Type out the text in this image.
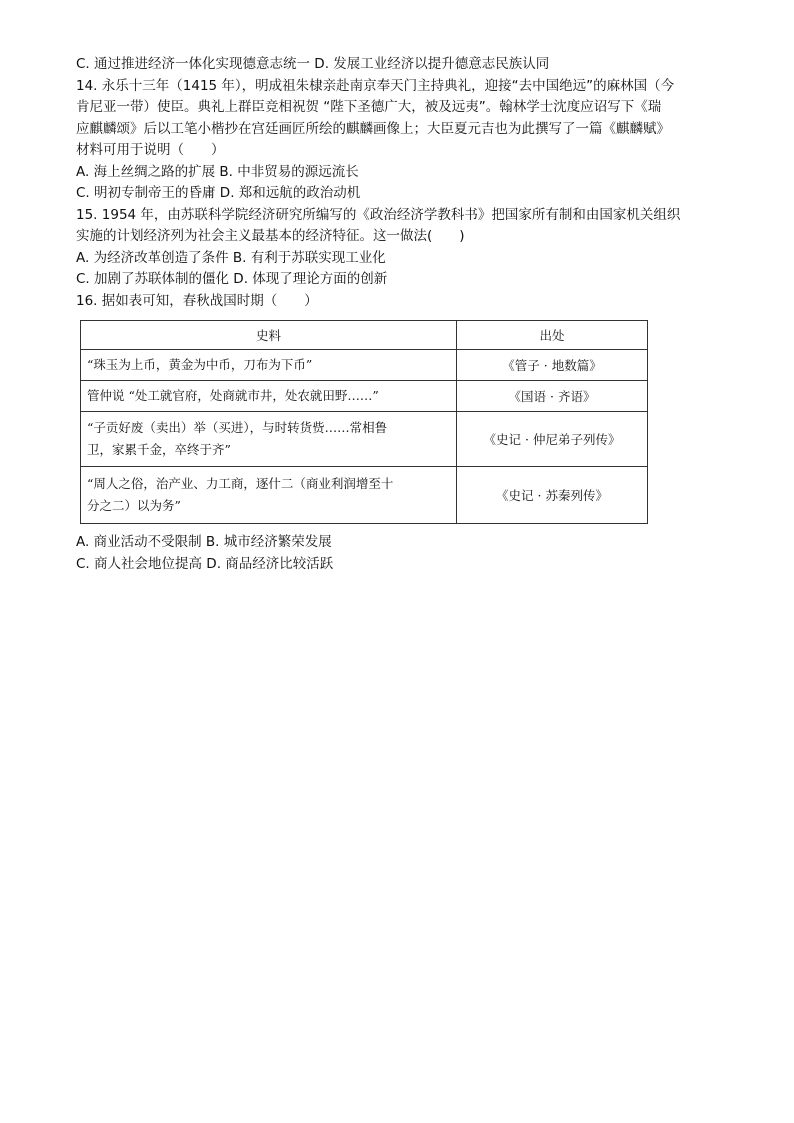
C. 通过推进经济一体化实现德意志统一 D. 发展工业经济以提升德意志民族认同
14. 永乐十三年（1415 年），明成祖朱棣亲赴南京奉天门主持典礼，迎接“去中国绝远”的麻林国（今
肯尼亚一带）使臣。典礼上群臣竞相祝贺 “陛下圣德广大，被及远夷”。翰林学士沈度应诏写下《瑞
应麒麟颂》后以工笔小楷抄在宫廷画匠所绘的麒麟画像上；大臣夏元吉也为此撰写了一篇《麒麟赋》
材料可用于说明（　　）
A. 海上丝绸之路的扩展 B. 中非贸易的源远流长
C. 明初专制帝王的昏庸 D. 郑和远航的政治动机
15. 1954 年，由苏联科学院经济研究所编写的《政治经济学教科书》把国家所有制和由国家机关组织
实施的计划经济列为社会主义最基本的经济特征。这一做法(　　)
A. 为经济改革创造了条件 B. 有利于苏联实现工业化
C. 加剧了苏联体制的僵化 D. 体现了理论方面的创新
16. 据如表可知，春秋战国时期（　　）
史料	出处
“珠玉为上币，黄金为中币，刀布为下币”	《管子 · 地数篇》
管仲说 “处工就官府，处商就市井，处农就田野……”	《国语 · 齐语》
“子贡好废（卖出）举（买进），与时转货赀……常相鲁
卫，家累千金，卒终于齐”	《史记 · 仲尼弟子列传》
“周人之俗，治产业、力工商，逐什二（商业利润增至十
分之二）以为务”	《史记 · 苏秦列传》
A. 商业活动不受限制 B. 城市经济繁荣发展
C. 商人社会地位提高 D. 商品经济比较活跃
